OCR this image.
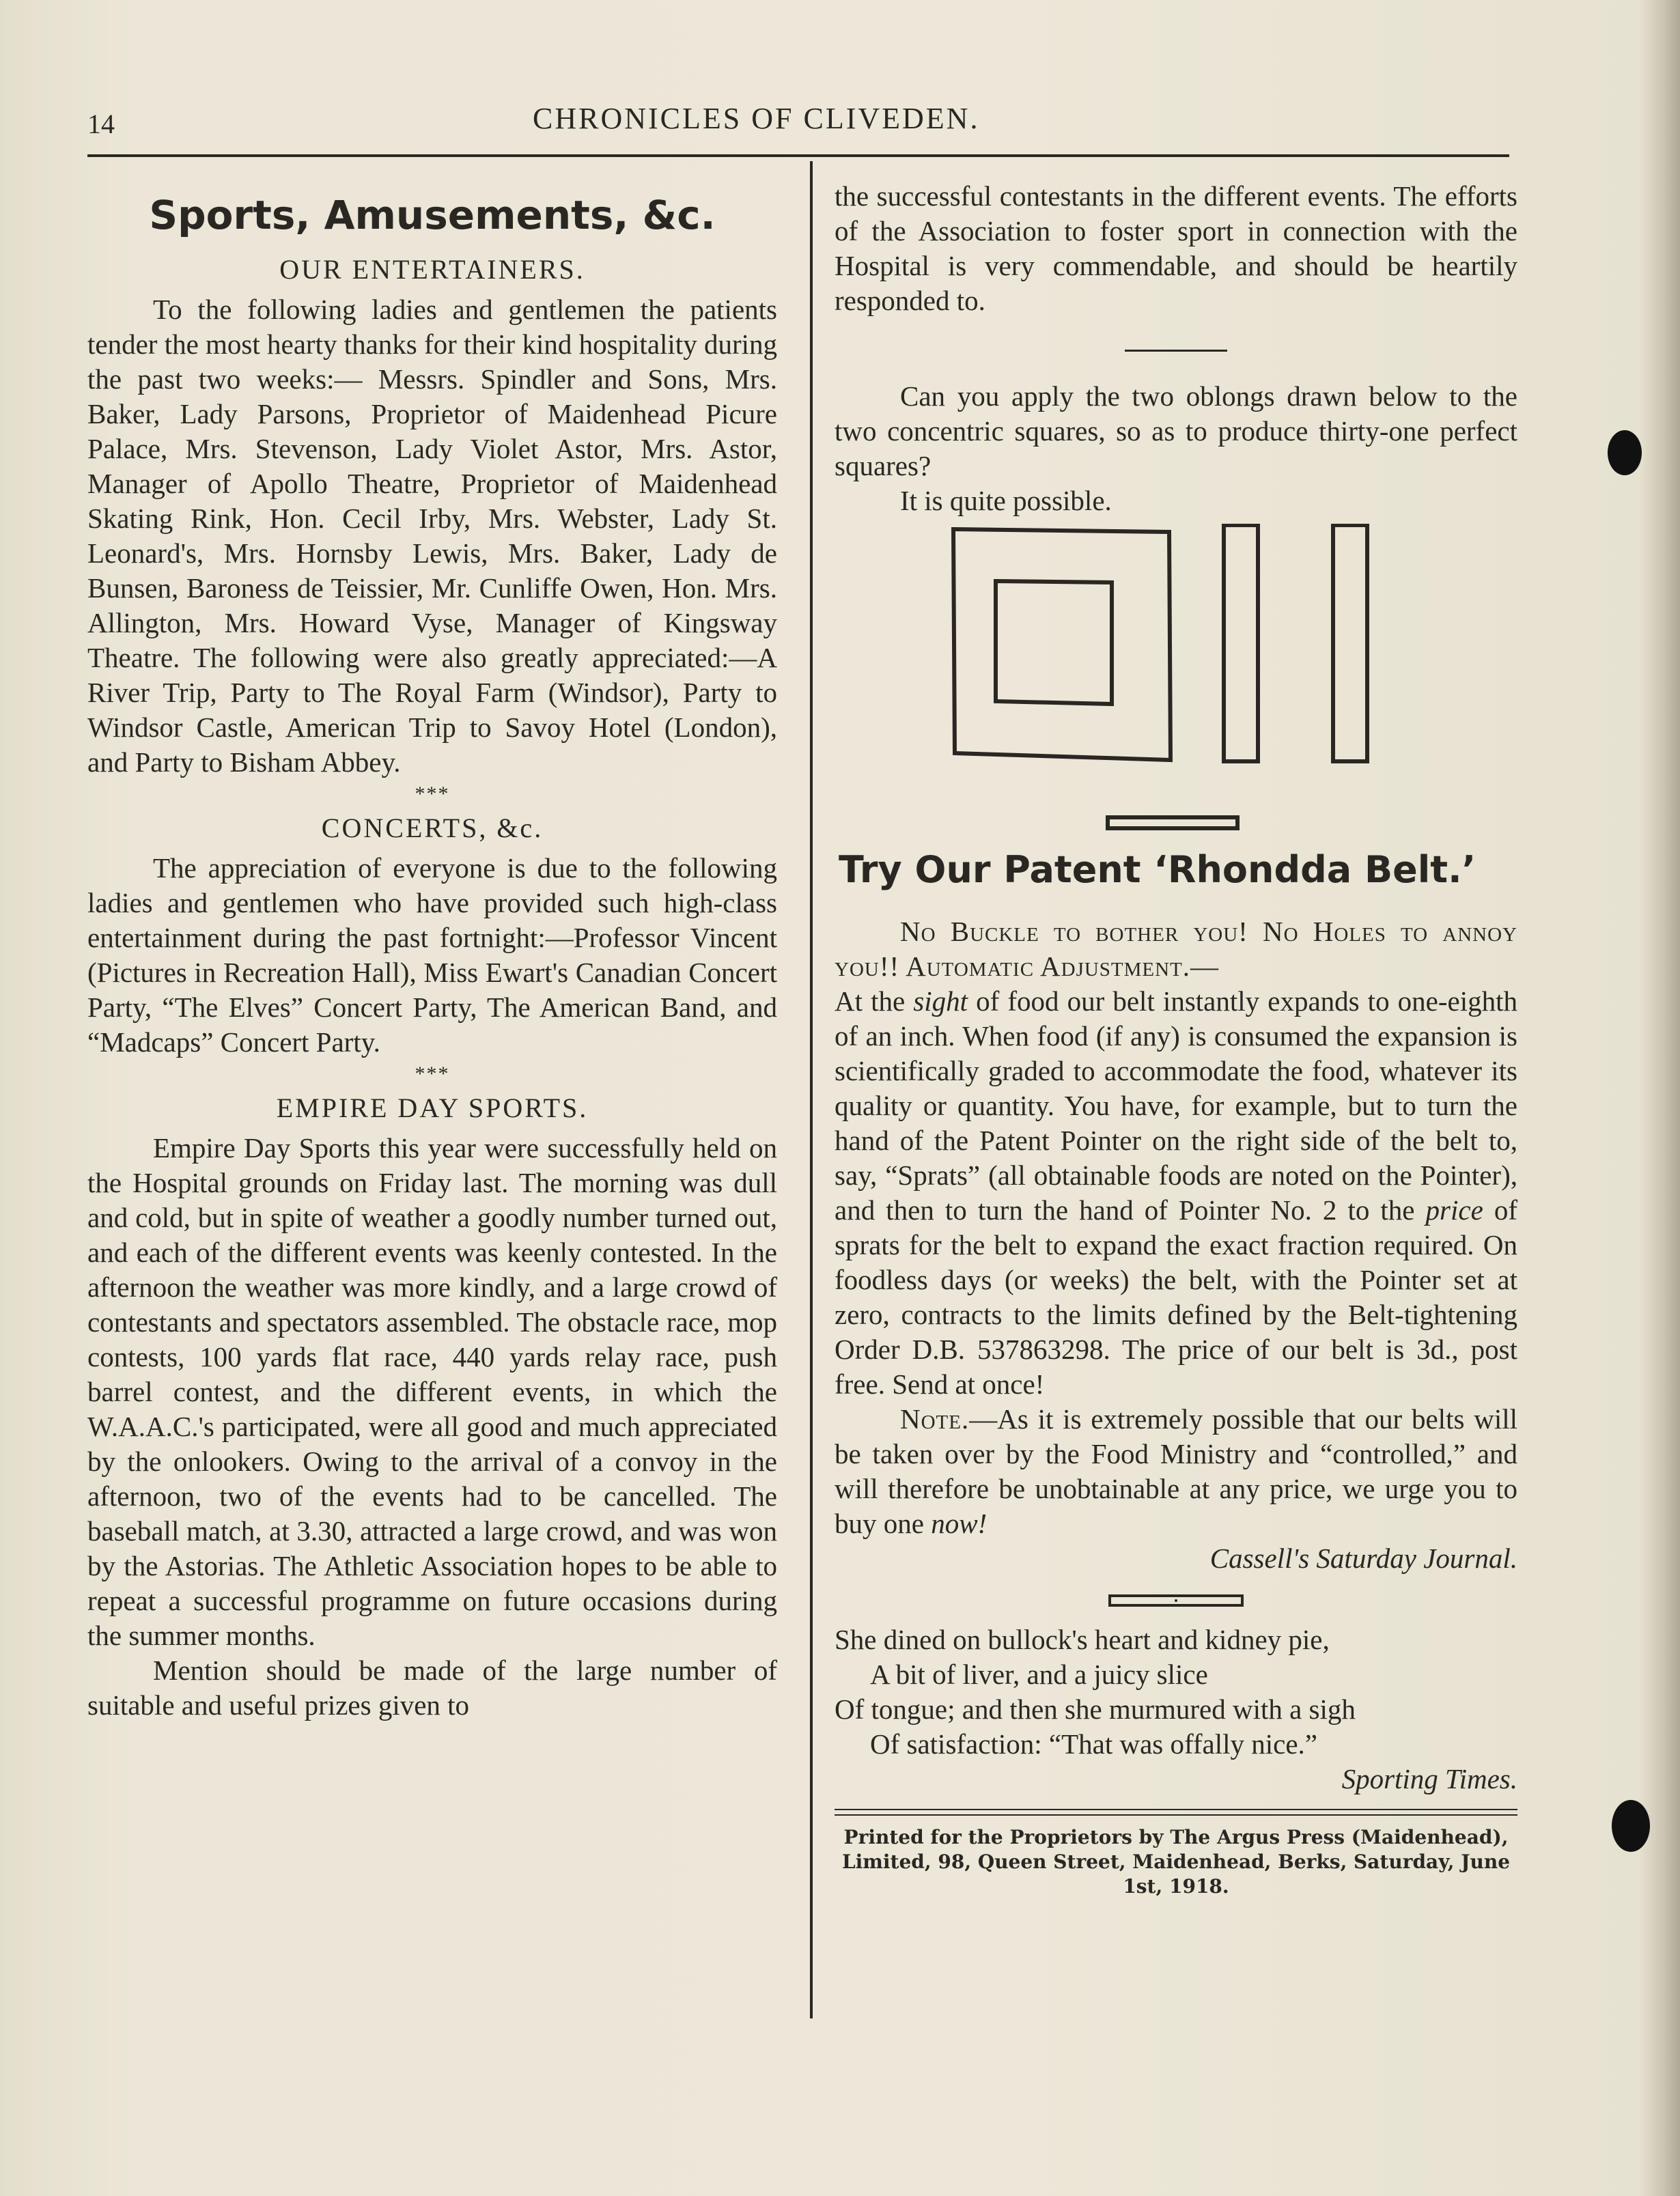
14	CHRONICLES OF CLIVEDEN.
Sports, Amusements, &c.
OUR ENTERTAINERS.

To the following ladies and gentlemen the patients tender the most hearty thanks for their kind hospitality during the past two weeks:— Messrs. Spindler and Sons, Mrs. Baker, Lady Parsons, Proprietor of Maidenhead Picure Palace, Mrs. Stevenson, Lady Violet Astor, Mrs. Astor, Manager of Apollo Theatre, Proprietor of Maidenhead Skating Rink, Hon. Cecil Irby, Mrs. Webster, Lady St. Leonard's, Mrs. Hornsby Lewis, Mrs. Baker, Lady de Bunsen, Baroness de Teissier, Mr. Cunliffe Owen, Hon. Mrs. Allington, Mrs. Howard Vyse, Manager of Kingsway Theatre. The following were also greatly appreciated:—A River Trip, Party to The Royal Farm (Windsor), Party to Windsor Castle, American Trip to Savoy Hotel (London), and Party to Bisham Abbey.

***
CONCERTS, &c.

The appreciation of everyone is due to the following ladies and gentlemen who have provided such high-class entertainment during the past fortnight:—Professor Vincent (Pictures in Recreation Hall), Miss Ewart's Canadian Concert Party, “The Elves” Concert Party, The American Band, and “Madcaps” Concert Party.

***
EMPIRE DAY SPORTS.

Empire Day Sports this year were successfully held on the Hospital grounds on Friday last. The morning was dull and cold, but in spite of weather a goodly number turned out, and each of the different events was keenly contested. In the afternoon the weather was more kindly, and a large crowd of contestants and spectators assembled. The obstacle race, mop contests, 100 yards flat race, 440 yards relay race, push barrel contest, and the different events, in which the W.A.A.C.'s participated, were all good and much appreciated by the onlookers. Owing to the arrival of a convoy in the afternoon, two of the events had to be cancelled. The baseball match, at 3.30, attracted a large crowd, and was won by the Astorias. The Athletic Association hopes to be able to repeat a successful programme on future occasions during the summer months.

Mention should be made of the large number of suitable and useful prizes given to

the successful contestants in the different events. The efforts of the Association to foster sport in connection with the Hospital is very commendable, and should be heartily responded to.

Can you apply the two oblongs drawn below to the two concentric squares, so as to produce thirty-one perfect squares?

It is quite possible.

Try Our Patent ‘Rhondda Belt.’

No Buckle to bother you! No Holes to annoy you!! Automatic Adjustment.—

At the sight of food our belt instantly expands to one-eighth of an inch. When food (if any) is consumed the expansion is scientifically graded to accommodate the food, whatever its quality or quantity. You have, for example, but to turn the hand of the Patent Pointer on the right side of the belt to, say, “Sprats” (all obtainable foods are noted on the Pointer), and then to turn the hand of Pointer No. 2 to the price of sprats for the belt to expand the exact fraction required. On foodless days (or weeks) the belt, with the Pointer set at zero, contracts to the limits defined by the Belt-tightening Order D.B. 537863298. The price of our belt is 3d., post free. Send at once!

Note.—As it is extremely possible that our belts will be taken over by the Food Ministry and “controlled,” and will therefore be unobtainable at any price, we urge you to buy one now!

Cassell's Saturday Journal.
She dined on bullock's heart and kidney pie,
A bit of liver, and a juicy slice
Of tongue; and then she murmured with a sigh
Of satisfaction: “That was offally nice.”
Sporting Times.
Printed for the Proprietors by The Argus Press (Maidenhead), Limited, 98, Queen Street, Maidenhead, Berks, Saturday, June 1st, 1918.
